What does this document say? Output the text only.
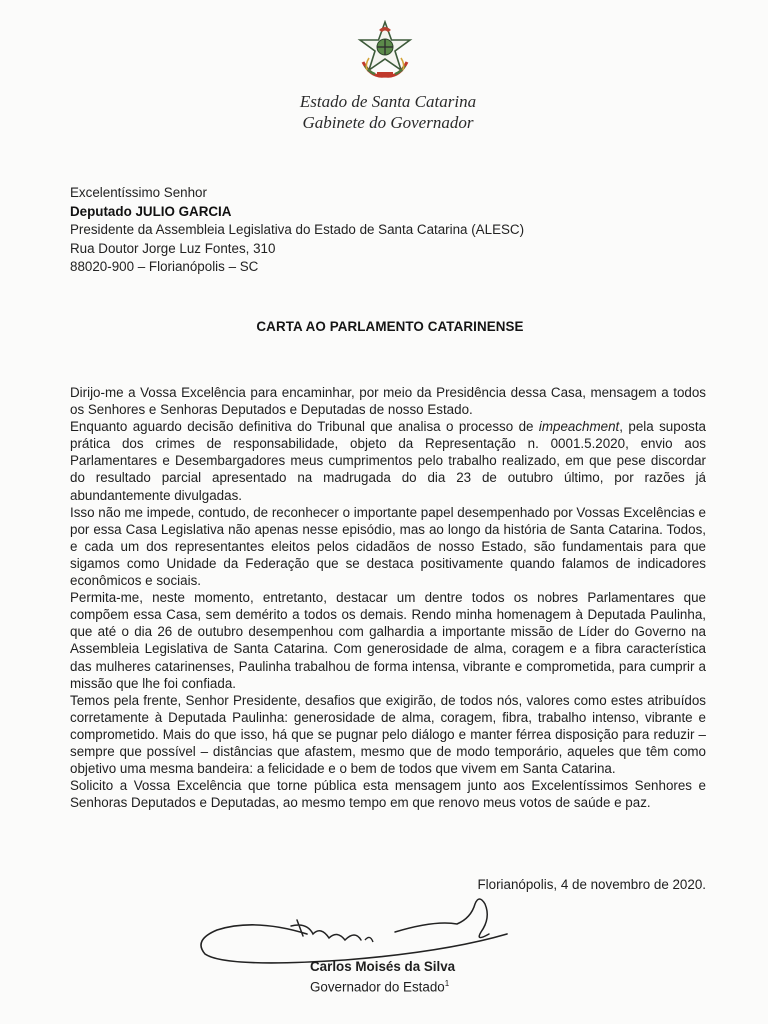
Estado de Santa Catarina
Gabinete do Governador
Excelentíssimo Senhor
Deputado JULIO GARCIA
Presidente da Assembleia Legislativa do Estado de Santa Catarina (ALESC)
Rua Doutor Jorge Luz Fontes, 310
88020-900 – Florianópolis – SC
CARTA AO PARLAMENTO CATARINENSE

Dirijo-me a Vossa Excelência para encaminhar, por meio da Presidência dessa Casa, mensagem a todos os Senhores e Senhoras Deputados e Deputadas de nosso Estado.

Enquanto aguardo decisão definitiva do Tribunal que analisa o processo de impeachment, pela suposta prática dos crimes de responsabilidade, objeto da Representação n. 0001.5.2020, envio aos Parlamentares e Desembargadores meus cumprimentos pelo trabalho realizado, em que pese discordar do resultado parcial apresentado na madrugada do dia 23 de outubro último, por razões já abundantemente divulgadas.

Isso não me impede, contudo, de reconhecer o importante papel desempenhado por Vossas Excelências e por essa Casa Legislativa não apenas nesse episódio, mas ao longo da história de Santa Catarina. Todos, e cada um dos representantes eleitos pelos cidadãos de nosso Estado, são fundamentais para que sigamos como Unidade da Federação que se destaca positivamente quando falamos de indicadores econômicos e sociais.

Permita-me, neste momento, entretanto, destacar um dentre todos os nobres Parlamentares que compõem essa Casa, sem demérito a todos os demais. Rendo minha homenagem à Deputada Paulinha, que até o dia 26 de outubro desempenhou com galhardia a importante missão de Líder do Governo na Assembleia Legislativa de Santa Catarina. Com generosidade de alma, coragem e a fibra característica das mulheres catarinenses, Paulinha trabalhou de forma intensa, vibrante e comprometida, para cumprir a missão que lhe foi confiada.

Temos pela frente, Senhor Presidente, desafios que exigirão, de todos nós, valores como estes atribuídos corretamente à Deputada Paulinha: generosidade de alma, coragem, fibra, trabalho intenso, vibrante e comprometido. Mais do que isso, há que se pugnar pelo diálogo e manter férrea disposição para reduzir – sempre que possível – distâncias que afastem, mesmo que de modo temporário, aqueles que têm como objetivo uma mesma bandeira: a felicidade e o bem de todos que vivem em Santa Catarina.

Solicito a Vossa Excelência que torne pública esta mensagem junto aos Excelentíssimos Senhores e Senhoras Deputados e Deputadas, ao mesmo tempo em que renovo meus votos de saúde e paz.

Florianópolis, 4 de novembro de 2020.
Carlos Moisés da Silva
Governador do Estado$^1$
